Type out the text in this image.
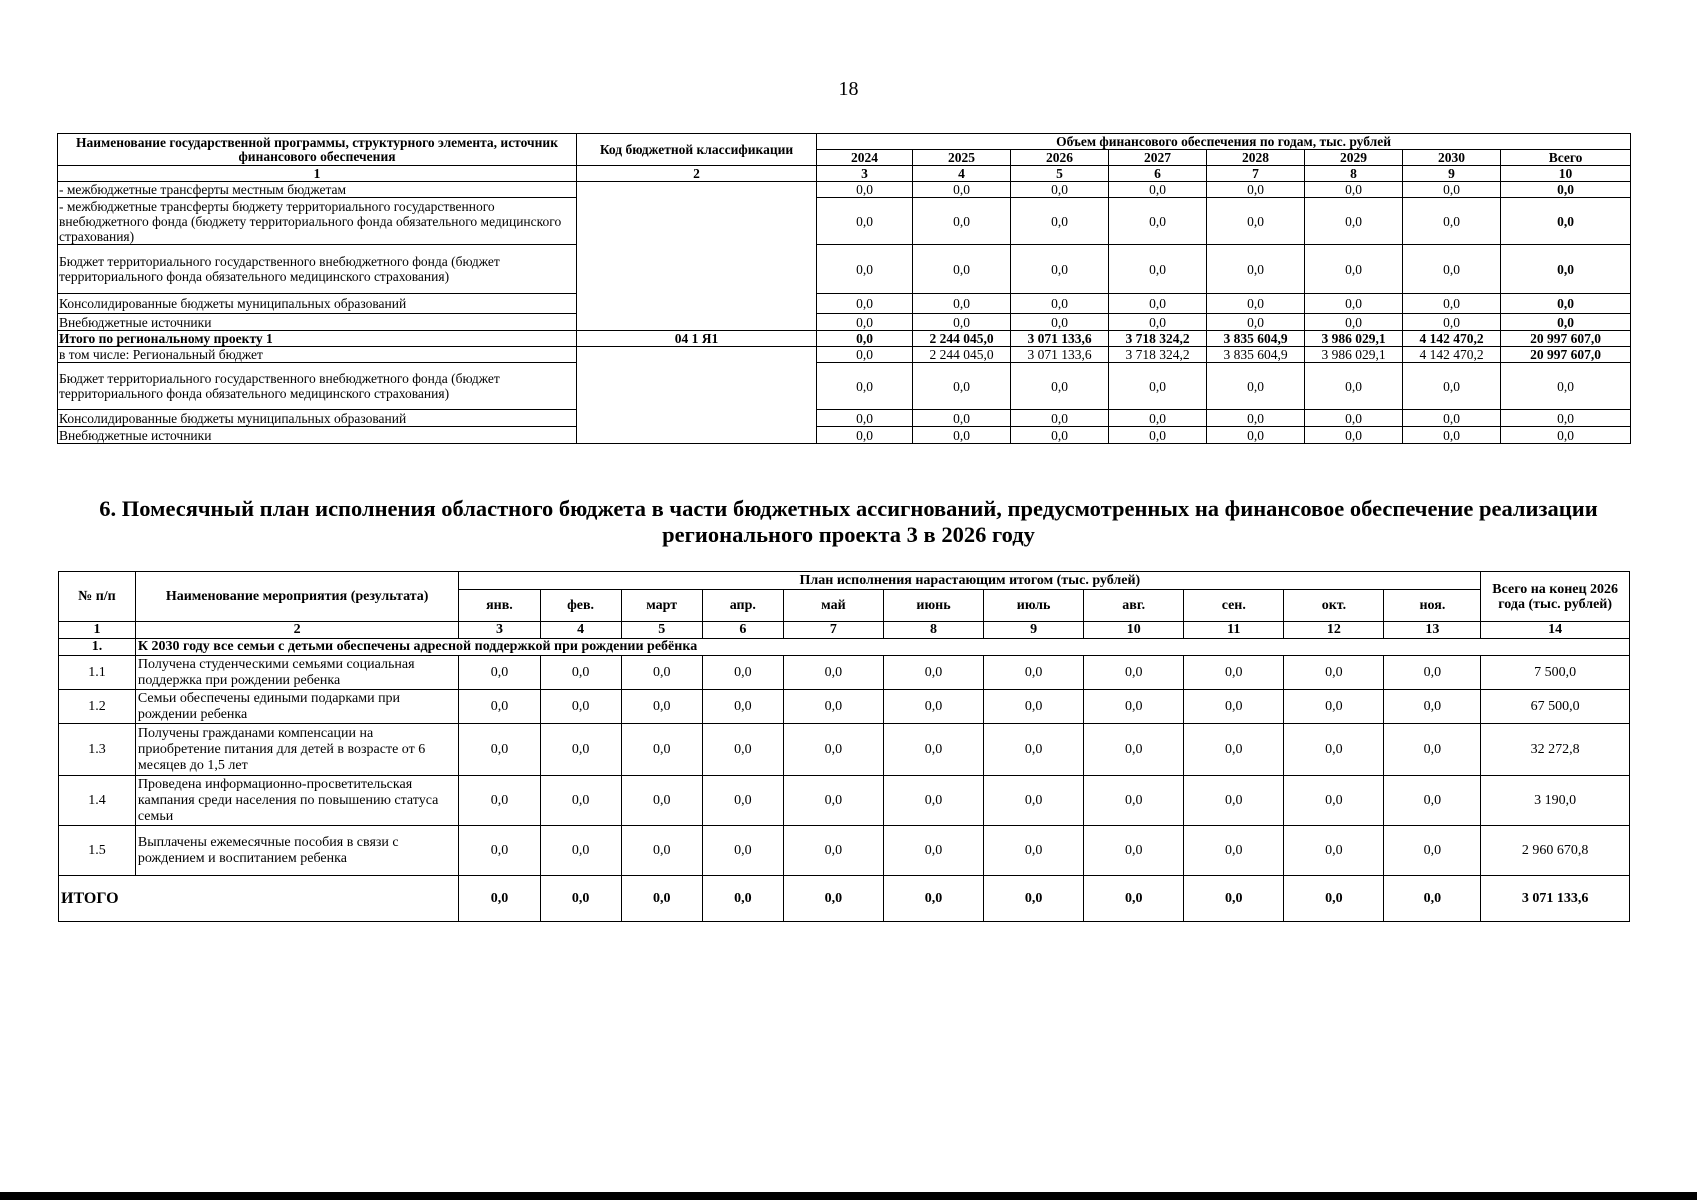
18
Наименование государственной программы, структурного элемента, источник финансового обеспечения	Код бюджетной классификации	Объем финансового обеспечения по годам, тыс. рублей							
		2024	2025	2026	2027	2028	2029	2030	Всего
1	2	3	4	5	6	7	8	9	10
- межбюджетные трансферты местным бюджетам		0,0	0,0	0,0	0,0	0,0	0,0	0,0	0,0
- межбюджетные трансферты бюджету территориального государственного внебюджетного фонда (бюджету территориального фонда обязательного медицинского страхования)		0,0	0,0	0,0	0,0	0,0	0,0	0,0	0,0
Бюджет территориального государственного внебюджетного фонда (бюджет территориального фонда обязательного медицинского страхования)		0,0	0,0	0,0	0,0	0,0	0,0	0,0	0,0
Консолидированные бюджеты муниципальных образований		0,0	0,0	0,0	0,0	0,0	0,0	0,0	0,0
Внебюджетные источники		0,0	0,0	0,0	0,0	0,0	0,0	0,0	0,0
Итого по региональному проекту 1	04 1 Я1	0,0	2 244 045,0	3 071 133,6	3 718 324,2	3 835 604,9	3 986 029,1	4 142 470,2	20 997 607,0
в том числе: Региональный бюджет		0,0	2 244 045,0	3 071 133,6	3 718 324,2	3 835 604,9	3 986 029,1	4 142 470,2	20 997 607,0
Бюджет территориального государственного внебюджетного фонда (бюджет территориального фонда обязательного медицинского страхования)		0,0	0,0	0,0	0,0	0,0	0,0	0,0	0,0
Консолидированные бюджеты муниципальных образований		0,0	0,0	0,0	0,0	0,0	0,0	0,0	0,0
Внебюджетные источники		0,0	0,0	0,0	0,0	0,0	0,0	0,0	0,0
6. Помесячный план исполнения областного бюджета в части бюджетных ассигнований, предусмотренных на финансовое обеспечение реализации регионального проекта 3 в 2026 году
№ п/п	Наименование мероприятия (результата)	План исполнения нарастающим итогом (тыс. рублей)											Всего на конец 2026 года (тыс. рублей)
		янв.	фев.	март	апр.	май	июнь	июль	авг.	сен.	окт.	ноя.	
1	2	3	4	5	6	7	8	9	10	11	12	13	14
1.	К 2030 году все семьи с детьми обеспечены адресной поддержкой при рождении ребёнка												
1.1	Получена студенческими семьями социальная поддержка при рождении ребенка	0,0	0,0	0,0	0,0	0,0	0,0	0,0	0,0	0,0	0,0	0,0	7 500,0
1.2	Семьи обеспечены едиными подарками при рождении ребенка	0,0	0,0	0,0	0,0	0,0	0,0	0,0	0,0	0,0	0,0	0,0	67 500,0
1.3	Получены гражданами компенсации на приобретение питания для детей в возрасте от 6 месяцев до 1,5 лет	0,0	0,0	0,0	0,0	0,0	0,0	0,0	0,0	0,0	0,0	0,0	32 272,8
1.4	Проведена информационно-просветительская кампания среди населения по повышению статуса семьи	0,0	0,0	0,0	0,0	0,0	0,0	0,0	0,0	0,0	0,0	0,0	3 190,0
1.5	Выплачены ежемесячные пособия в связи с рождением и воспитанием ребенка	0,0	0,0	0,0	0,0	0,0	0,0	0,0	0,0	0,0	0,0	0,0	2 960 670,8
ИТОГО		0,0	0,0	0,0	0,0	0,0	0,0	0,0	0,0	0,0	0,0	0,0	3 071 133,6
